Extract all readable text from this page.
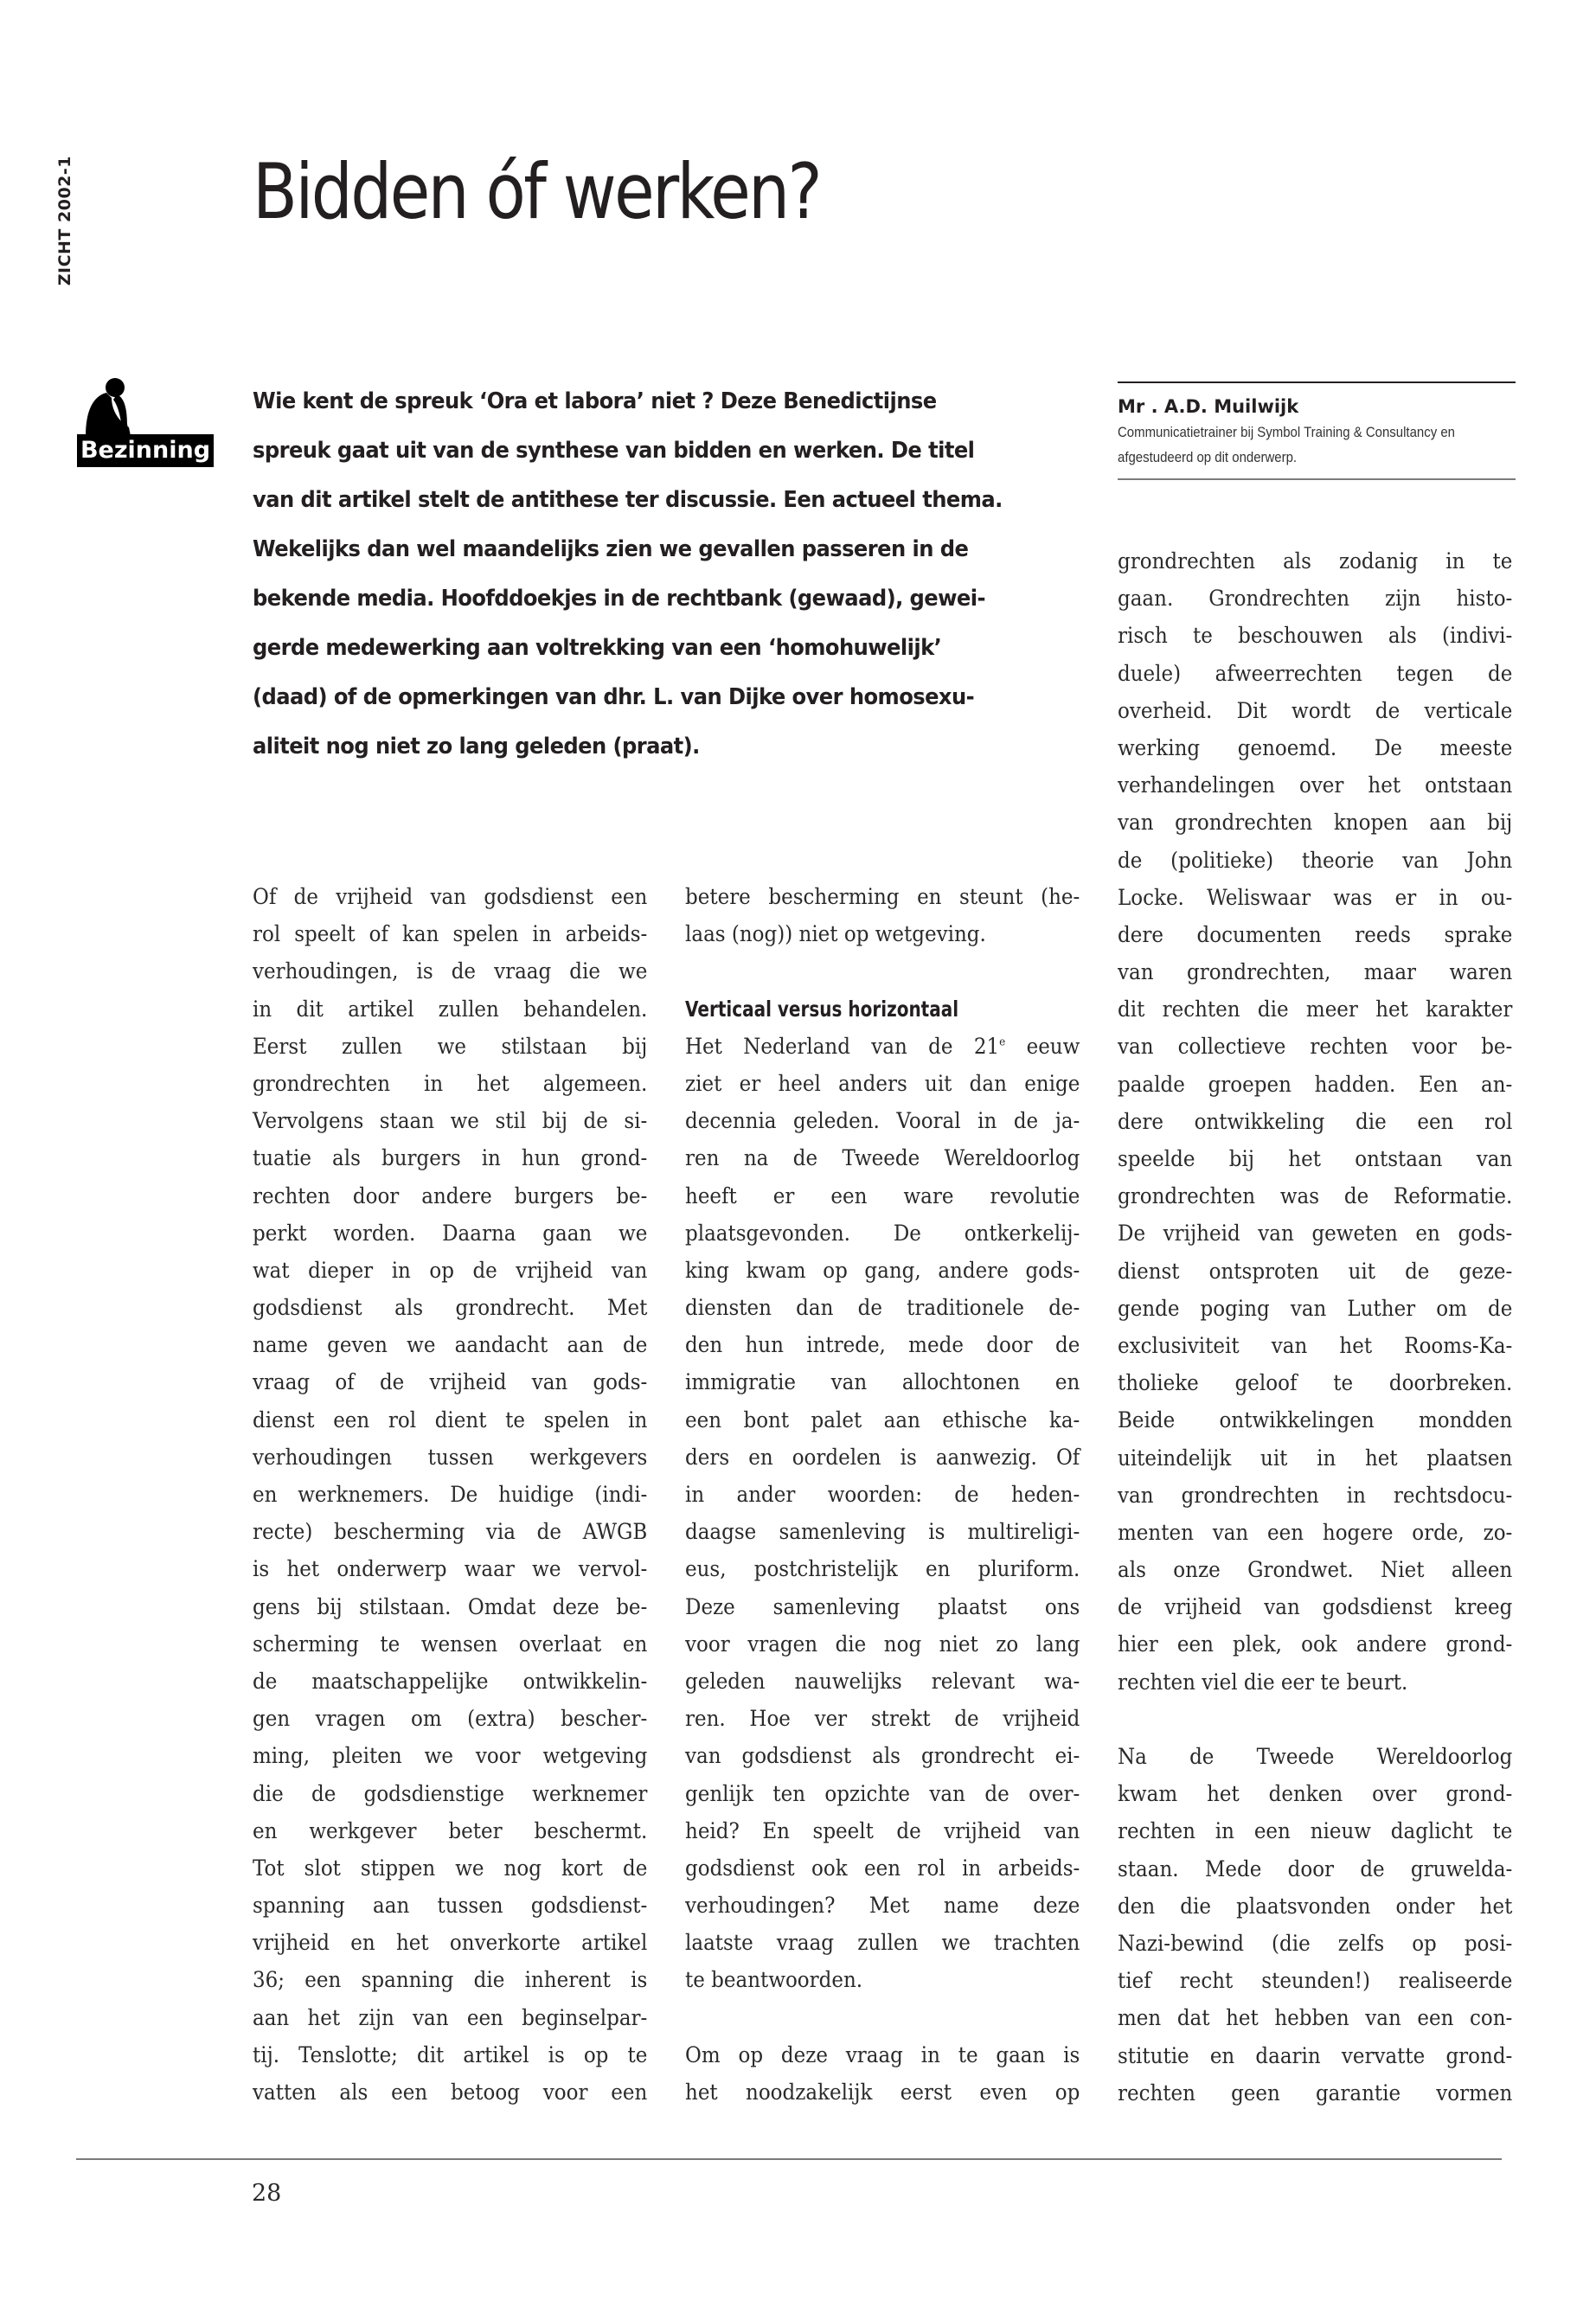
ZICHT 2002-1 Bidden óf werken?
Bezinning
Wie kent de spreuk ‘Ora et labora’ niet ? Deze Benedictijnse
spreuk gaat uit van de synthese van bidden en werken. De titel
van dit artikel stelt de antithese ter discussie. Een actueel thema.
Wekelijks dan wel maandelijks zien we gevallen passeren in de
bekende media. Hoofddoekjes in de rechtbank (gewaad), gewei-
gerde medewerking aan voltrekking van een ‘homohuwelijk’
(daad) of de opmerkingen van dhr. L. van Dijke over homosexu-
aliteit nog niet zo lang geleden (praat).
Mr . A.D. Muilwijk
Communicatietrainer bij Symbol Training & Consultancy en
afgestudeerd op dit onderwerp.
Of de vrijheid van godsdienst een
rol speelt of kan spelen in arbeids-
verhoudingen, is de vraag die we
in dit artikel zullen behandelen.
Eerst zullen we stilstaan bij
grondrechten in het algemeen.
Vervolgens staan we stil bij de si-
tuatie als burgers in hun grond-
rechten door andere burgers be-
perkt worden. Daarna gaan we
wat dieper in op de vrijheid van
godsdienst als grondrecht. Met
name geven we aandacht aan de
vraag of de vrijheid van gods-
dienst een rol dient te spelen in
verhoudingen tussen werkgevers
en werknemers. De huidige (indi-
recte) bescherming via de AWGB
is het onderwerp waar we vervol-
gens bij stilstaan. Omdat deze be-
scherming te wensen overlaat en
de maatschappelijke ontwikkelin-
gen vragen om (extra) bescher-
ming, pleiten we voor wetgeving
die de godsdienstige werknemer
en werkgever beter beschermt.
Tot slot stippen we nog kort de
spanning aan tussen godsdienst-
vrijheid en het onverkorte artikel
36; een spanning die inherent is
aan het zijn van een beginselpar-
tij. Tenslotte; dit artikel is op te
vatten als een betoog voor een
betere bescherming en steunt (he-
laas (nog)) niet op wetgeving.
Verticaal versus horizontaal
Het Nederland van de 21e eeuw
ziet er heel anders uit dan enige
decennia geleden. Vooral in de ja-
ren na de Tweede Wereldoorlog
heeft er een ware revolutie
plaatsgevonden. De ontkerkelij-
king kwam op gang, andere gods-
diensten dan de traditionele de-
den hun intrede, mede door de
immigratie van allochtonen en
een bont palet aan ethische ka-
ders en oordelen is aanwezig. Of
in ander woorden: de heden-
daagse samenleving is multireligi-
eus, postchristelijk en pluriform.
Deze samenleving plaatst ons
voor vragen die nog niet zo lang
geleden nauwelijks relevant wa-
ren. Hoe ver strekt de vrijheid
van godsdienst als grondrecht ei-
genlijk ten opzichte van de over-
heid? En speelt de vrijheid van
godsdienst ook een rol in arbeids-
verhoudingen? Met name deze
laatste vraag zullen we trachten
te beantwoorden.
Om op deze vraag in te gaan is
het noodzakelijk eerst even op
grondrechten als zodanig in te
gaan. Grondrechten zijn histo-
risch te beschouwen als (indivi-
duele) afweerrechten tegen de
overheid. Dit wordt de verticale
werking genoemd. De meeste
verhandelingen over het ontstaan
van grondrechten knopen aan bij
de (politieke) theorie van John
Locke. Weliswaar was er in ou-
dere documenten reeds sprake
van grondrechten, maar waren
dit rechten die meer het karakter
van collectieve rechten voor be-
paalde groepen hadden. Een an-
dere ontwikkeling die een rol
speelde bij het ontstaan van
grondrechten was de Reformatie.
De vrijheid van geweten en gods-
dienst ontsproten uit de geze-
gende poging van Luther om de
exclusiviteit van het Rooms-Ka-
tholieke geloof te doorbreken.
Beide ontwikkelingen mondden
uiteindelijk uit in het plaatsen
van grondrechten in rechtsdocu-
menten van een hogere orde, zo-
als onze Grondwet. Niet alleen
de vrijheid van godsdienst kreeg
hier een plek, ook andere grond-
rechten viel die eer te beurt.
Na de Tweede Wereldoorlog
kwam het denken over grond-
rechten in een nieuw daglicht te
staan. Mede door de gruwelda-
den die plaatsvonden onder het
Nazi-bewind (die zelfs op posi-
tief recht steunden!) realiseerde
men dat het hebben van een con-
stitutie en daarin vervatte grond-
rechten geen garantie vormen
28
